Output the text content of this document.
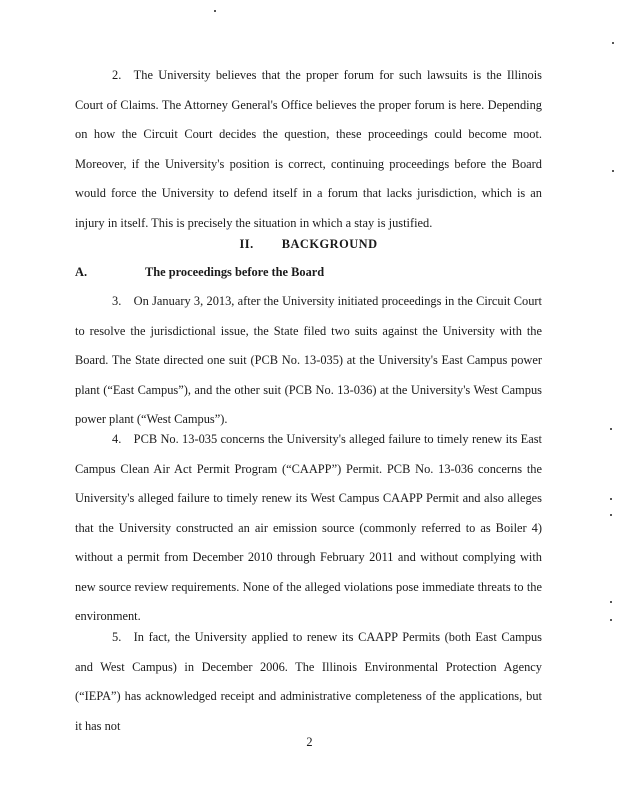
2. The University believes that the proper forum for such lawsuits is the Illinois Court of Claims. The Attorney General's Office believes the proper forum is here. Depending on how the Circuit Court decides the question, these proceedings could become moot. Moreover, if the University's position is correct, continuing proceedings before the Board would force the University to defend itself in a forum that lacks jurisdiction, which is an injury in itself. This is precisely the situation in which a stay is justified.

II. BACKGROUND

A.	The proceedings before the Board

3. On January 3, 2013, after the University initiated proceedings in the Circuit Court to resolve the jurisdictional issue, the State filed two suits against the University with the Board. The State directed one suit (PCB No. 13-035) at the University's East Campus power plant (“East Campus”), and the other suit (PCB No. 13-036) at the University's West Campus power plant (“West Campus”).

4. PCB No. 13-035 concerns the University's alleged failure to timely renew its East Campus Clean Air Act Permit Program (“CAAPP”) Permit. PCB No. 13-036 concerns the University's alleged failure to timely renew its West Campus CAAPP Permit and also alleges that the University constructed an air emission source (commonly referred to as Boiler 4) without a permit from December 2010 through February 2011 and without complying with new source review requirements. None of the alleged violations pose immediate threats to the environment.

5. In fact, the University applied to renew its CAAPP Permits (both East Campus and West Campus) in December 2006. The Illinois Environmental Protection Agency (“IEPA”) has acknowledged receipt and administrative completeness of the applications, but it has not

2
